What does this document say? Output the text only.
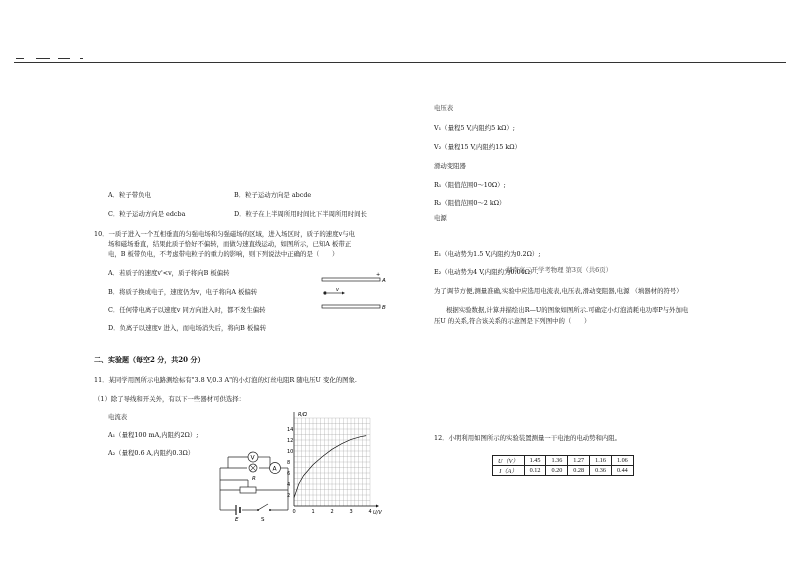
A．粒子带负电	B．粒子运动方向是 abcde
C．粒子运动方向是 edcba	D．粒子在上半周所用时间比下半周所用时间长
10．一质子进入一个互相垂直的匀强电场和匀强磁场的区域，进入场区时，质子的速度v与电
场和磁场垂直，结果此质子恰好不偏转，而做匀速直线运动，如图所示，已知A 板带正
电，B 板带负电，不考虑带电粒子的重力的影响，则下列说法中正确的是（　　）
A．若质子的速度v'<v，质子将向B 板偏转
B．将质子换成电子，速度仍为v，电子将向A 板偏转
C．任何带电离子以速度v 同方向进入时，都不发生偏转
D．负离子以速度v 进入，而电场消失后，将向B 板偏转
+
A
B
v
二、实验题（每空2 分，共20 分）
11．某同学用图所示电路测绘标有"3.8 V,0.3 A"的小灯泡的灯丝电阻R 随电压U 变化的图象.
（1）除了导线和开关外，有以下一些器材可供选择：
电流表
A₁（量程100 mA,内阻约2Ω）;
A₂（量程0.6 A,内阻约0.3Ω）
V
R
A
E	S
0	1	2	3	4
2
4
6
8
10
12
14
R/Ω
U/V
电压表
V₁（量程5 V,内阻约5 kΩ）;
V₂（量程15 V,内阻约15 kΩ）
滑动变阻器
R₁（阻值范围0～10Ω）;
R₂（阻值范围0～2 kΩ）
电源
E₁（电动势为1.5 V,内阻约为0.2Ω）;
E₂（电动势为4 V,内阻约为0.04Ω）.
湖南高二开学考物理 第3页（共6页）
为了调节方便,测量准确,实验中应选用电流表,电压表,滑动变阻器,电源 （填器材的符号）
根据实验数据,计算并描绘出R—U的图象如图所示.可确定小灯泡消耗电功率P与外加电
压U 的关系,符合该关系的示意图是下列图中的（　　）
12．小明利用如图所示的实验装置测量一干电池的电动势和内阻。
U（V）	1.45	1.36	1.27	1.16	1.06
I（A）	0.12	0.20	0.28	0.36	0.44
